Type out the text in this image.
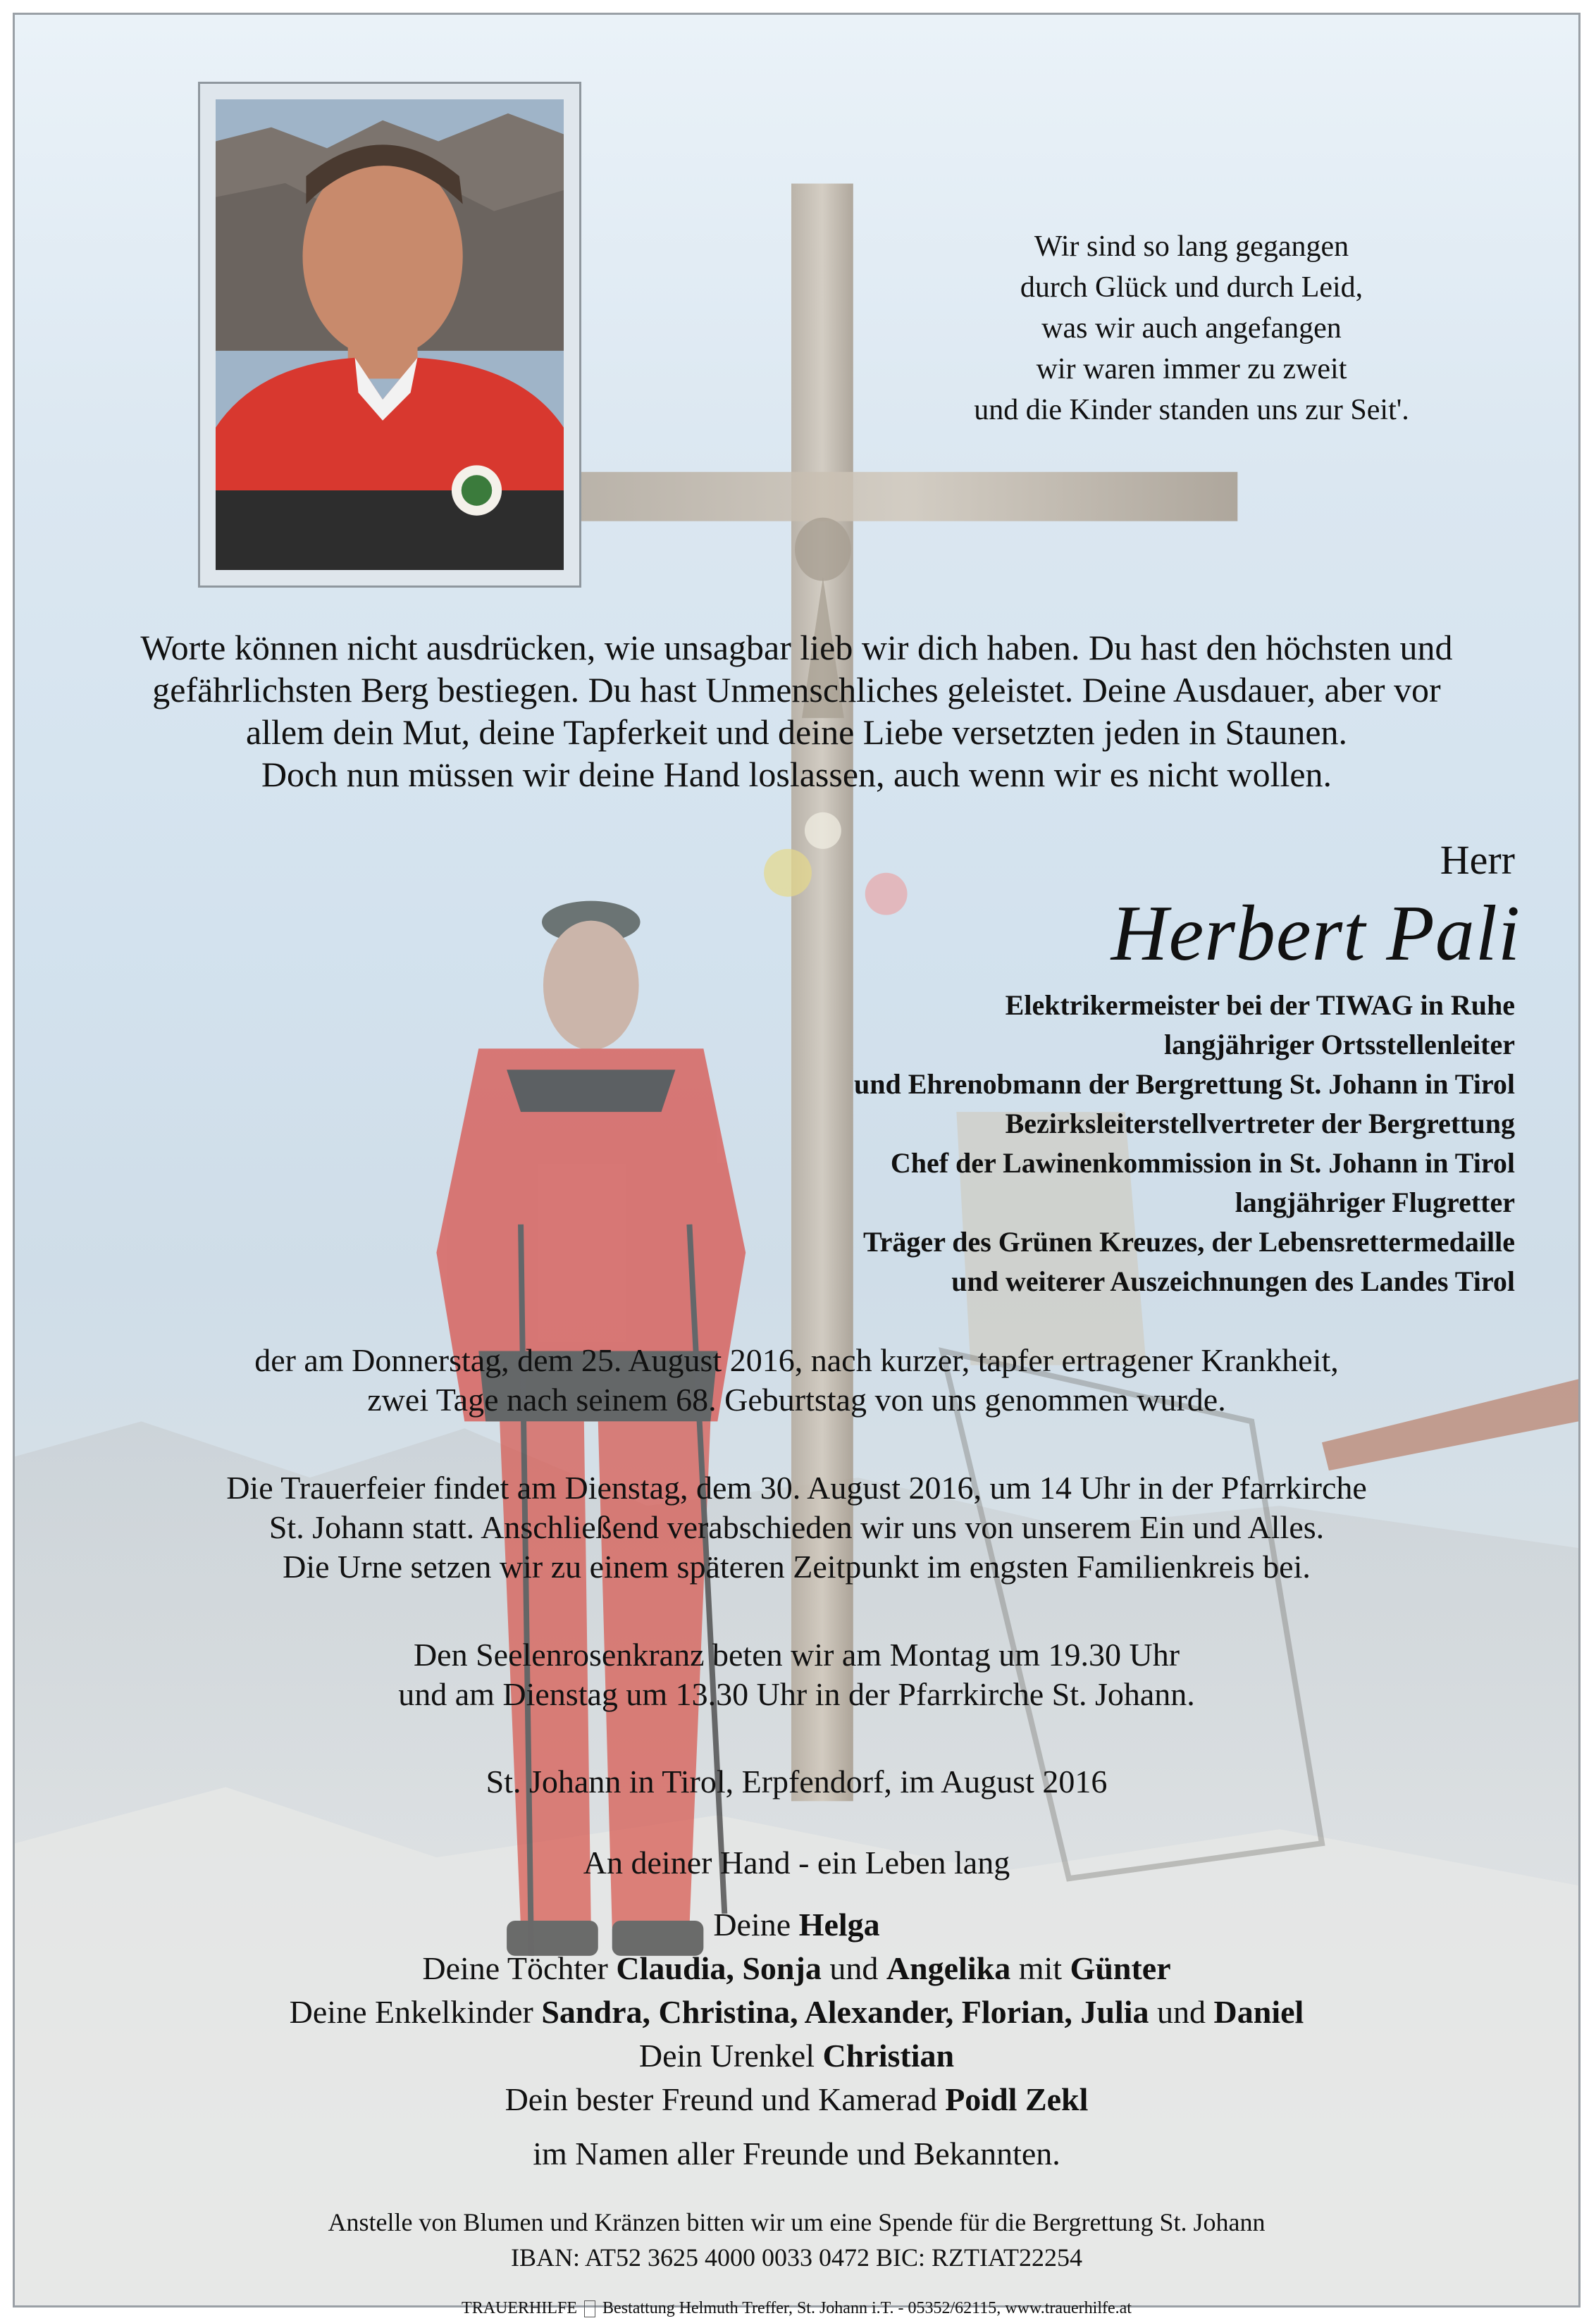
Wir sind so lang gegangen
durch Glück und durch Leid,
was wir auch angefangen
wir waren immer zu zweit
und die Kinder standen uns zur Seit'.
Worte können nicht ausdrücken, wie unsagbar lieb wir dich haben. Du hast den höchsten und
gefährlichsten Berg bestiegen. Du hast Unmenschliches geleistet. Deine Ausdauer, aber vor
allem dein Mut, deine Tapferkeit und deine Liebe versetzten jeden in Staunen.
Doch nun müssen wir deine Hand loslassen, auch wenn wir es nicht wollen.
Herr
Herbert Pali
Elektrikermeister bei der TIWAG in Ruhe
langjähriger Ortsstellenleiter
und Ehrenobmann der Bergrettung St. Johann in Tirol
Bezirksleiterstellvertreter der Bergrettung
Chef der Lawinenkommission in St. Johann in Tirol
langjähriger Flugretter
Träger des Grünen Kreuzes, der Lebensrettermedaille
und weiterer Auszeichnungen des Landes Tirol
der am Donnerstag, dem 25. August 2016, nach kurzer, tapfer ertragener Krankheit,
zwei Tage nach seinem 68. Geburtstag von uns genommen wurde.
Die Trauerfeier findet am Dienstag, dem 30. August 2016, um 14 Uhr in der Pfarrkirche
St. Johann statt. Anschließend verabschieden wir uns von unserem Ein und Alles.
Die Urne setzen wir zu einem späteren Zeitpunkt im engsten Familienkreis bei.
Den Seelenrosenkranz beten wir am Montag um 19.30 Uhr
und am Dienstag um 13.30 Uhr in der Pfarrkirche St. Johann.
St. Johann in Tirol, Erpfendorf, im August 2016
An deiner Hand - ein Leben lang
Deine Helga
Deine Töchter Claudia, Sonja und Angelika mit Günter
Deine Enkelkinder Sandra, Christina, Alexander, Florian, Julia und Daniel
Dein Urenkel Christian
Dein bester Freund und Kamerad Poidl Zekl
im Namen aller Freunde und Bekannten.
Anstelle von Blumen und Kränzen bitten wir um eine Spende für die Bergrettung St. Johann
IBAN: AT52 3625 4000 0033 0472 BIC: RZTIAT22254
TRAUERHILFE  Bestattung Helmuth Treffer, St. Johann i.T. - 05352/62115, www.trauerhilfe.at
